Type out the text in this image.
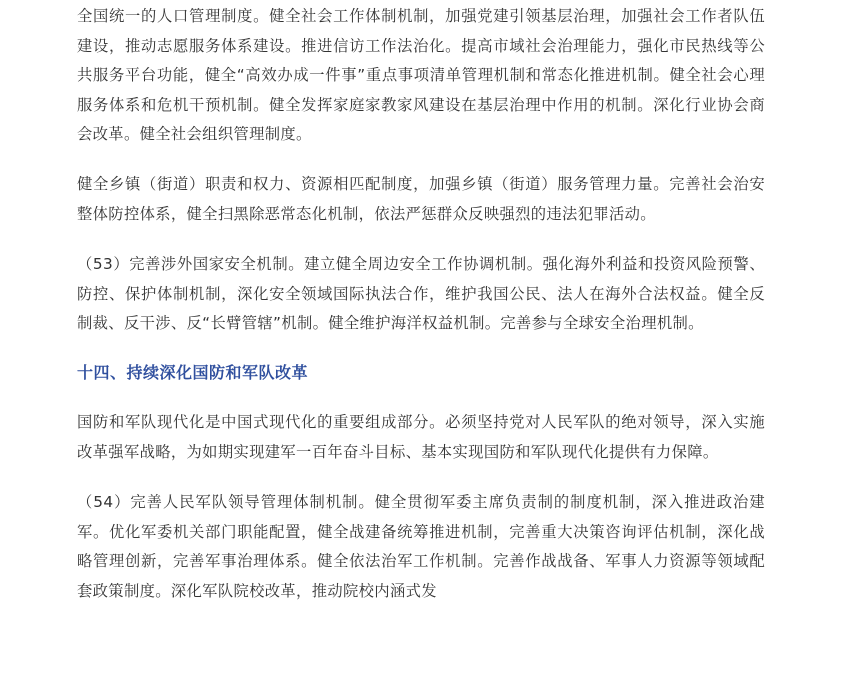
全国统一的人口管理制度。健全社会工作体制机制，加强党建引领基层治理，加强社会工作者队伍建设，推动志愿服务体系建设。推进信访工作法治化。提高市域社会治理能力，强化市民热线等公共服务平台功能，健全“高效办成一件事”重点事项清单管理机制和常态化推进机制。健全社会心理服务体系和危机干预机制。健全发挥家庭家教家风建设在基层治理中作用的机制。深化行业协会商会改革。健全社会组织管理制度。

健全乡镇（街道）职责和权力、资源相匹配制度，加强乡镇（街道）服务管理力量。完善社会治安整体防控体系，健全扫黑除恶常态化机制，依法严惩群众反映强烈的违法犯罪活动。

（53）完善涉外国家安全机制。建立健全周边安全工作协调机制。强化海外利益和投资风险预警、防控、保护体制机制，深化安全领域国际执法合作，维护我国公民、法人在海外合法权益。健全反制裁、反干涉、反“长臂管辖”机制。健全维护海洋权益机制。完善参与全球安全治理机制。

十四、持续深化国防和军队改革

国防和军队现代化是中国式现代化的重要组成部分。必须坚持党对人民军队的绝对领导，深入实施改革强军战略，为如期实现建军一百年奋斗目标、基本实现国防和军队现代化提供有力保障。

（54）完善人民军队领导管理体制机制。健全贯彻军委主席负责制的制度机制，深入推进政治建军。优化军委机关部门职能配置，健全战建备统筹推进机制，完善重大决策咨询评估机制，深化战略管理创新，完善军事治理体系。健全依法治军工作机制。完善作战战备、军事人力资源等领域配套政策制度。深化军队院校改革，推动院校内涵式发
